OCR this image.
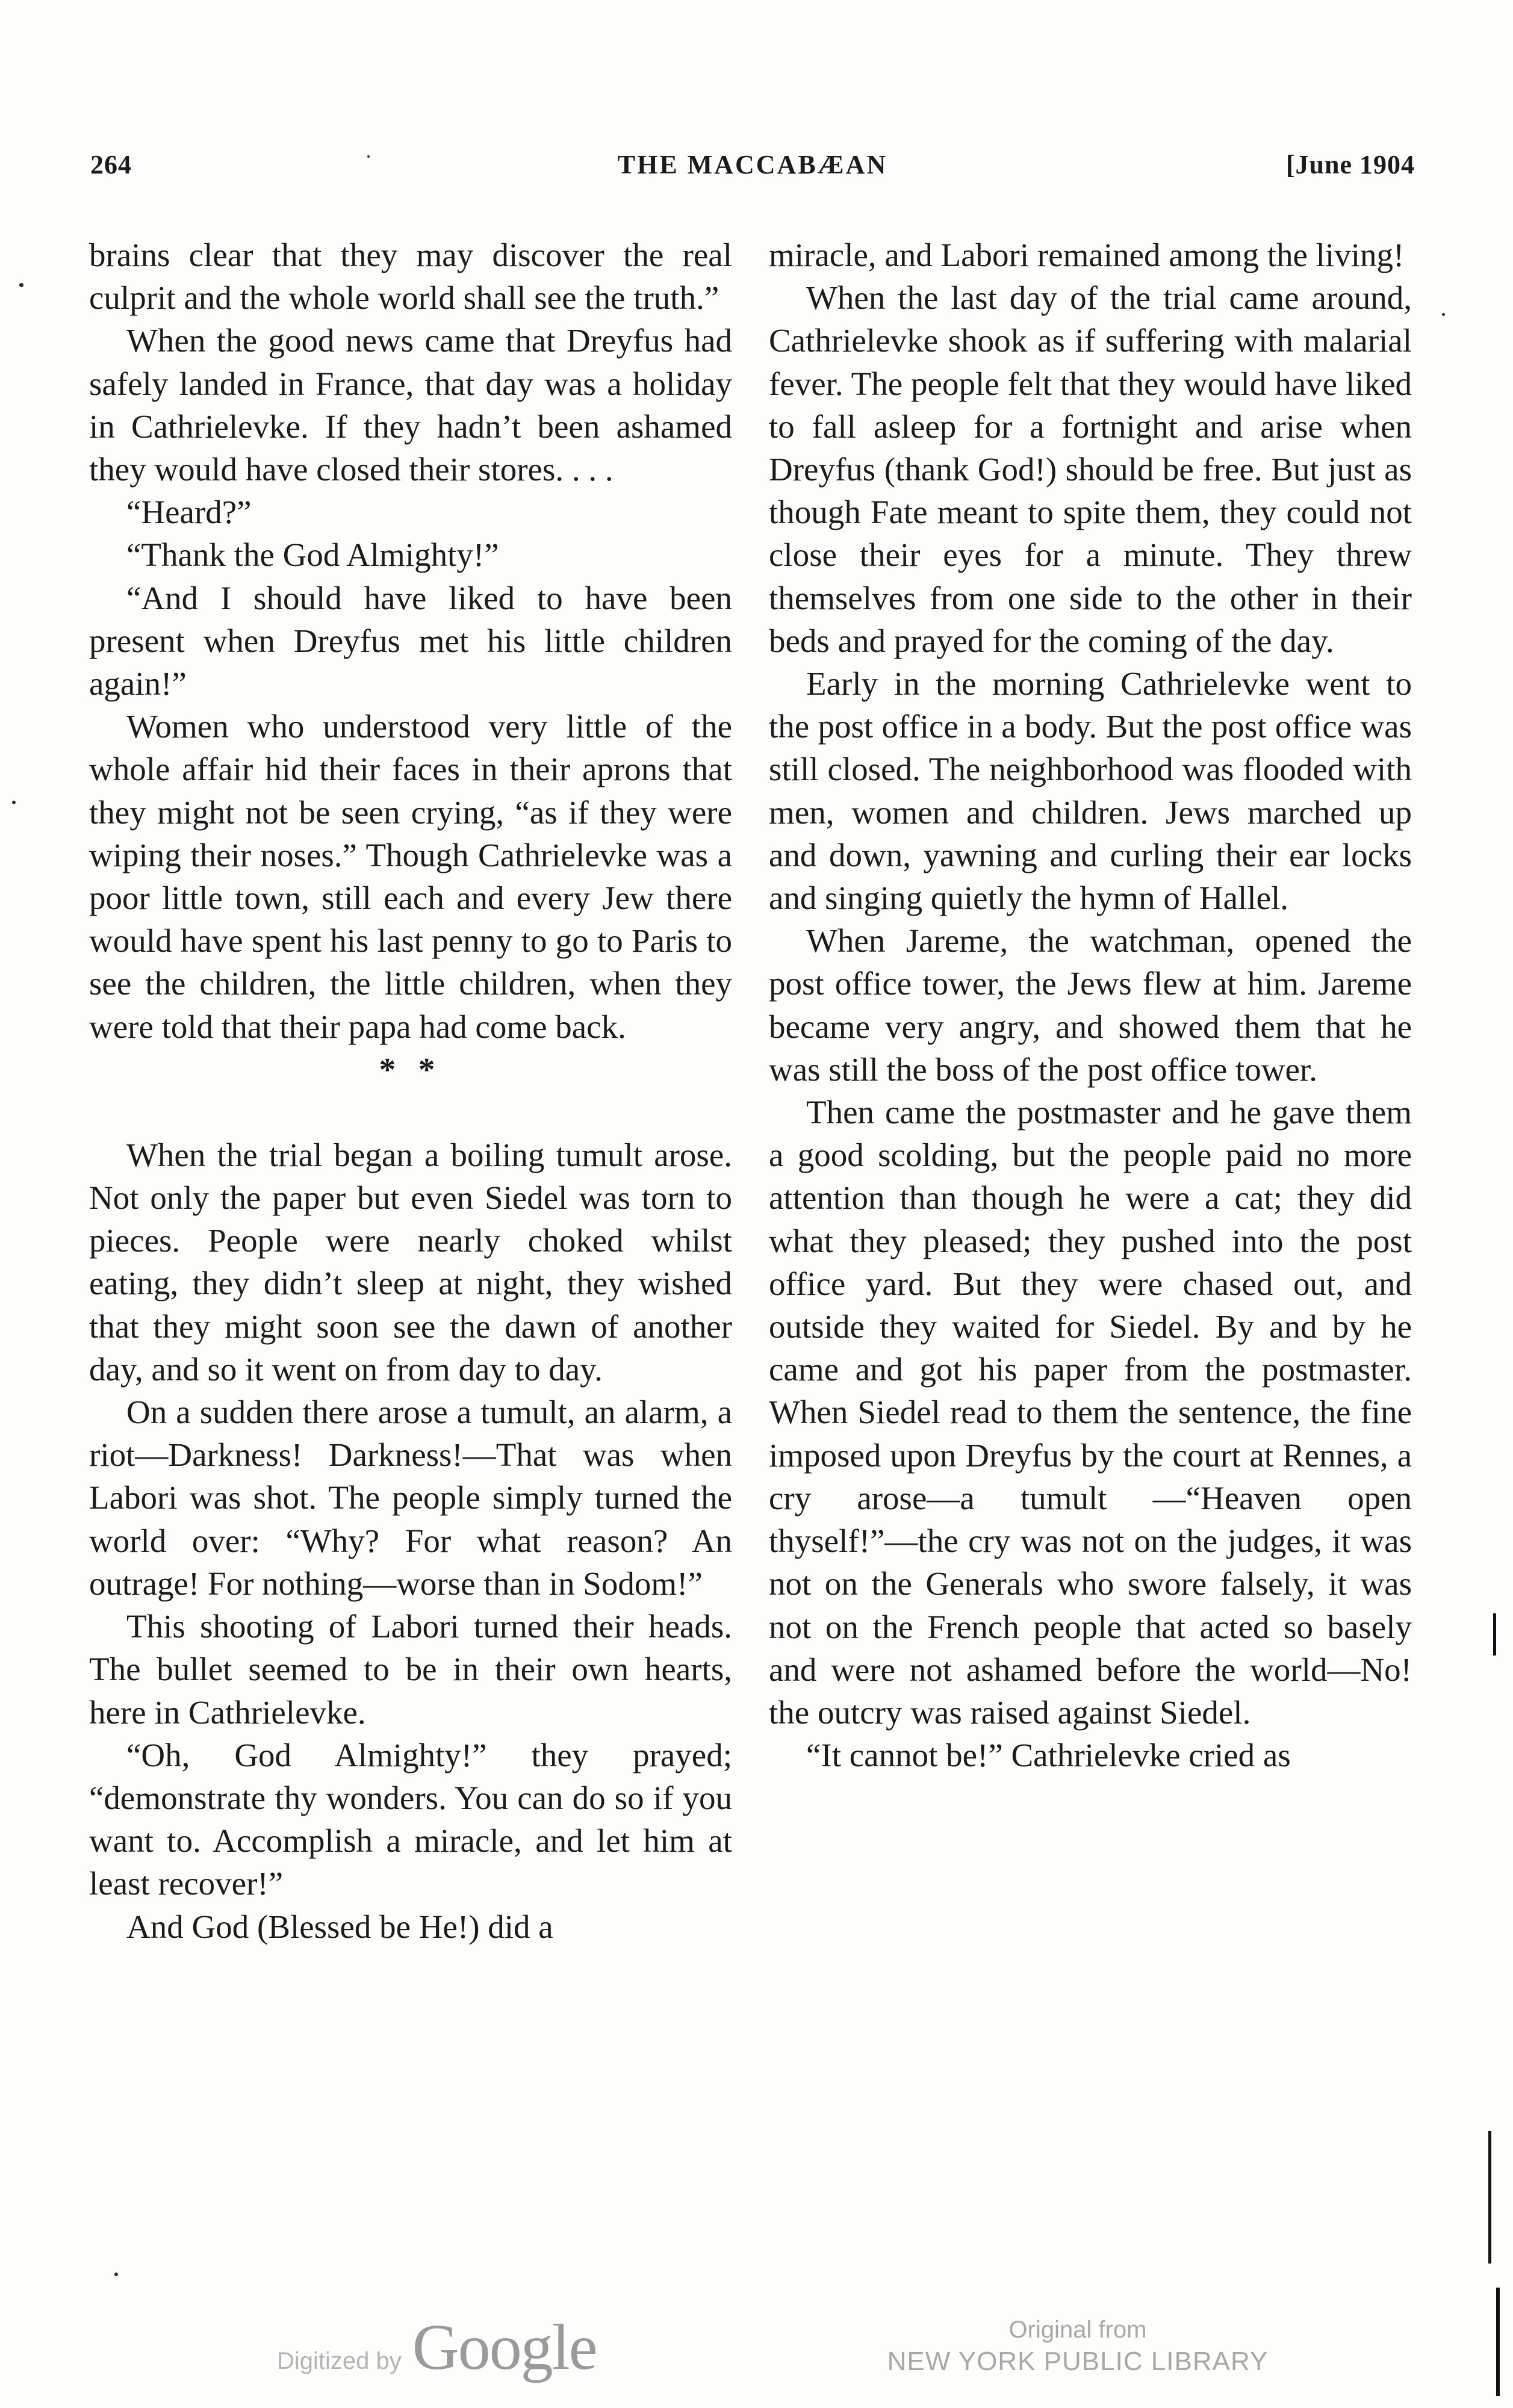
264	THE MACCABÆAN	[June 1904

brains clear that they may discover the real culprit and the whole world shall see the truth.”

When the good news came that Dreyfus had safely landed in France, that day was a holiday in Cathrielevke. If they hadn’t been ashamed they would have closed their stores. . . .

“Heard?”

“Thank the God Almighty!”

“And I should have liked to have been present when Dreyfus met his little children again!”

Women who understood very little of the whole affair hid their faces in their aprons that they might not be seen crying, “as if they were wiping their noses.” Though Cathrielevke was a poor little town, still each and every Jew there would have spent his last penny to go to Paris to see the children, the little children, when they were told that their papa had come back.

* *

When the trial began a boiling tumult arose. Not only the paper but even Siedel was torn to pieces. People were nearly choked whilst eating, they didn’t sleep at night, they wished that they might soon see the dawn of another day, and so it went on from day to day.

On a sudden there arose a tumult, an alarm, a riot—Darkness! Darkness!—That was when Labori was shot. The people simply turned the world over: “Why? For what reason? An outrage! For nothing—worse than in Sodom!”

This shooting of Labori turned their heads. The bullet seemed to be in their own hearts, here in Cathrielevke.

“Oh, God Almighty!” they prayed; “demonstrate thy wonders. You can do so if you want to. Accomplish a miracle, and let him at least recover!”

And God (Blessed be He!) did a

miracle, and Labori remained among the living!

When the last day of the trial came around, Cathrielevke shook as if suffering with malarial fever. The people felt that they would have liked to fall asleep for a fortnight and arise when Dreyfus (thank God!) should be free. But just as though Fate meant to spite them, they could not close their eyes for a minute. They threw themselves from one side to the other in their beds and prayed for the coming of the day.

Early in the morning Cathrielevke went to the post office in a body. But the post office was still closed. The neighborhood was flooded with men, women and children. Jews marched up and down, yawning and curling their ear locks and singing quietly the hymn of Hallel.

When Jareme, the watchman, opened the post office tower, the Jews flew at him. Jareme became very angry, and showed them that he was still the boss of the post office tower.

Then came the postmaster and he gave them a good scolding, but the people paid no more attention than though he were a cat; they did what they pleased; they pushed into the post office yard. But they were chased out, and outside they waited for Siedel. By and by he came and got his paper from the postmaster. When Siedel read to them the sentence, the fine imposed upon Dreyfus by the court at Rennes, a cry arose—a tumult —“Heaven open thyself!”—the cry was not on the judges, it was not on the Generals who swore falsely, it was not on the French people that acted so basely and were not ashamed before the world—No! the outcry was raised against Siedel.

“It cannot be!” Cathrielevke cried as

Digitized by Google	Original from
NEW YORK PUBLIC LIBRARY
